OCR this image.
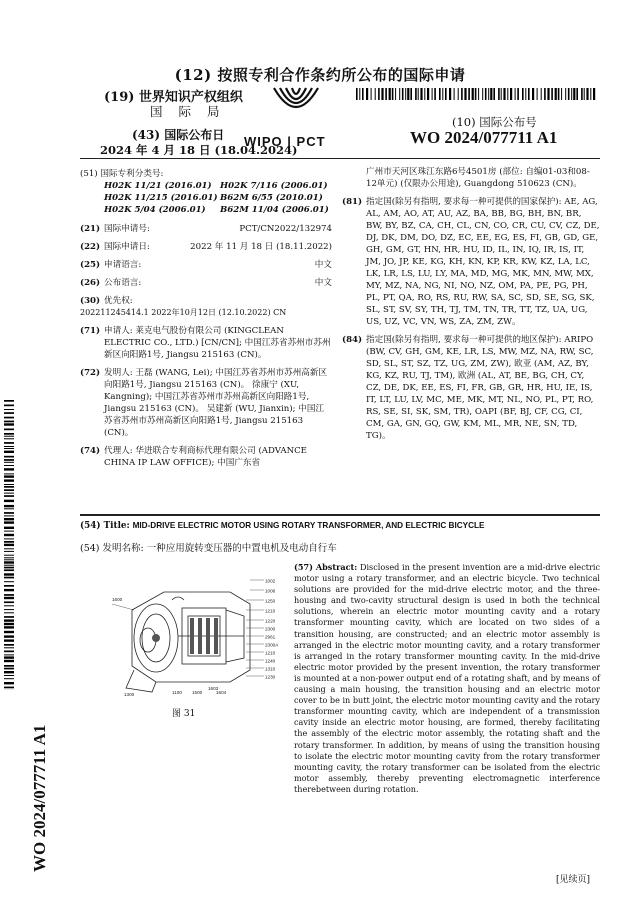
(12) 按照专利合作条约所公布的国际申请
(19) 世界知识产权组织
国 际 局
(43) 国际公布日
2024 年 4 月 18 日 (18.04.2024)
WIPO | PCT
(10) 国际公布号
WO 2024/077711 A1
WO 2024/077711 A1
(51) 国际专利分类号:
H02K 11/21 (2016.01) H02K 7/116 (2006.01)
H02K 11/215 (2016.01) B62M 6/55 (2010.01)
H02K 5/04 (2006.01) B62M 11/04 (2006.01)
(21) 国际申请号:	PCT/CN2022/132974
(22) 国际申请日:	2022 年 11 月 18 日 (18.11.2022)
(25) 申请语言:	中文
(26) 公布语言:	中文
(30) 优先权:
202211245414.1 2022年10月12日 (12.10.2022) CN
(71) 申请人: 莱克电气股份有限公司 (KINGCLEAN ELECTRIC CO., LTD.) [CN/CN]; 中国江苏省苏州市苏州新区向阳路1号, Jiangsu 215163 (CN)。
(72) 发明人: 王磊 (WANG, Lei); 中国江苏省苏州市苏州高新区向阳路1号, Jiangsu 215163 (CN)。 徐康宁 (XU, Kangning); 中国江苏省苏州市苏州高新区向阳路1号, Jiangsu 215163 (CN)。 吴建新 (WU, Jianxin); 中国江苏省苏州市苏州高新区向阳路1号, Jiangsu 215163 (CN)。
(74) 代理人: 华进联合专利商标代理有限公司 (ADVANCE CHINA IP LAW OFFICE); 中国广东省
广州市天河区珠江东路6号4501房 (部位: 自编01-03和08-12单元) (仅限办公用途), Guangdong 510623 (CN)。
(81) 指定国(除另有指明, 要求每一种可提供的国家保护): AE, AG, AL, AM, AO, AT, AU, AZ, BA, BB, BG, BH, BN, BR, BW, BY, BZ, CA, CH, CL, CN, CO, CR, CU, CV, CZ, DE, DJ, DK, DM, DO, DZ, EC, EE, EG, ES, FI, GB, GD, GE, GH, GM, GT, HN, HR, HU, ID, IL, IN, IQ, IR, IS, IT, JM, JO, JP, KE, KG, KH, KN, KP, KR, KW, KZ, LA, LC, LK, LR, LS, LU, LY, MA, MD, MG, MK, MN, MW, MX, MY, MZ, NA, NG, NI, NO, NZ, OM, PA, PE, PG, PH, PL, PT, QA, RO, RS, RU, RW, SA, SC, SD, SE, SG, SK, SL, ST, SV, SY, TH, TJ, TM, TN, TR, TT, TZ, UA, UG, US, UZ, VC, VN, WS, ZA, ZM, ZW。
(84) 指定国(除另有指明, 要求每一种可提供的地区保护): ARIPO (BW, CV, GH, GM, KE, LR, LS, MW, MZ, NA, RW, SC, SD, SL, ST, SZ, TZ, UG, ZM, ZW), 欧亚 (AM, AZ, BY, KG, KZ, RU, TJ, TM), 欧洲 (AL, AT, BE, BG, CH, CY, CZ, DE, DK, EE, ES, FI, FR, GB, GR, HR, HU, IE, IS, IT, LT, LU, LV, MC, ME, MK, MT, NL, NO, PL, PT, RO, RS, SE, SI, SK, SM, TR), OAPI (BF, BJ, CF, CG, CI, CM, GA, GN, GQ, GW, KM, ML, MR, NE, SN, TD, TG)。
(54) Title: MID-DRIVE ELECTRIC MOTOR USING ROTARY TRANSFORMER, AND ELECTRIC BICYCLE
(54) 发明名称: 一种应用旋转变压器的中置电机及电动自行车
1002
1006
1250
1210
1220
2300
2961
2300A
1210
1240
1310
1230
1600
1100 1500
1603
1604
1300
图 31
(57) Abstract: Disclosed in the present invention are a mid-drive electric motor using a rotary transformer, and an electric bicycle. Two technical solutions are provided for the mid-drive electric motor, and the three-housing and two-cavity structural design is used in both the technical solutions, wherein an electric motor mounting cavity and a rotary transformer mounting cavity, which are located on two sides of a transition housing, are constructed; and an electric motor assembly is arranged in the electric motor mounting cavity, and a rotary transformer is arranged in the rotary transformer mounting cavity. In the mid-drive electric motor provided by the present invention, the rotary transformer is mounted at a non-power output end of a rotating shaft, and by means of causing a main housing, the transition housing and an electric motor cover to be in butt joint, the electric motor mounting cavity and the rotary transformer mounting cavity, which are independent of a transmission cavity inside an electric motor housing, are formed, thereby facilitating the assembly of the electric motor assembly, the rotating shaft and the rotary transformer. In addition, by means of using the transition housing to isolate the electric motor mounting cavity from the rotary transformer mounting cavity, the rotary transformer can be isolated from the electric motor assembly, thereby preventing electromagnetic interference therebetween during rotation.
[见续页]
